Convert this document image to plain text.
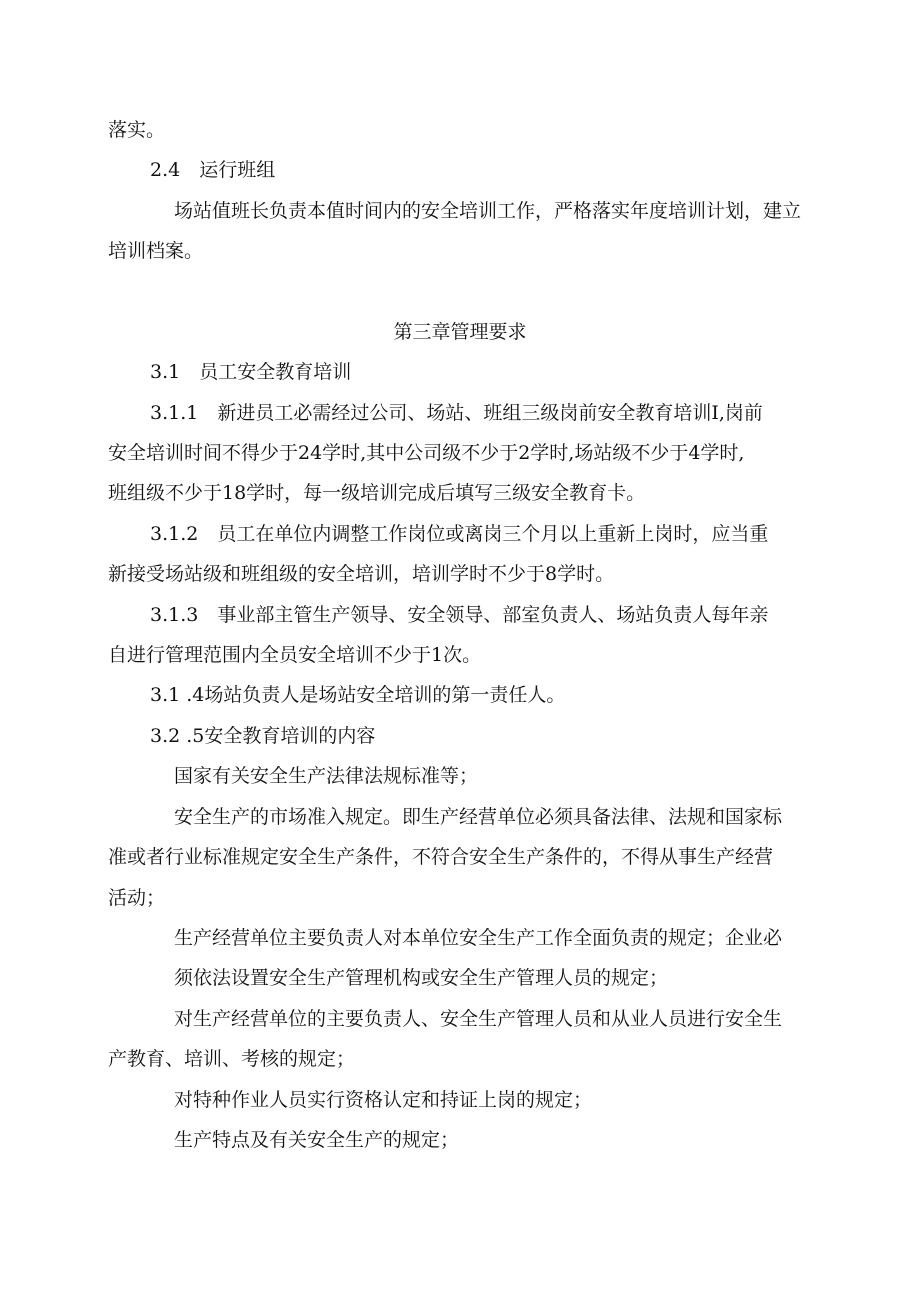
落实。
2.4　运行班组
场站值班长负责本值时间内的安全培训工作，严格落实年度培训计划，建立
培训档案。
第三章管理要求
3.1　员工安全教育培训
3.1.1　新进员工必需经过公司、场站、班组三级岗前安全教育培训I,岗前
安全培训时间不得少于24学时,其中公司级不少于2学时,场站级不少于4学时,
班组级不少于18学时，每一级培训完成后填写三级安全教育卡。
3.1.2　员工在单位内调整工作岗位或离岗三个月以上重新上岗时，应当重
新接受场站级和班组级的安全培训，培训学时不少于8学时。
3.1.3　事业部主管生产领导、安全领导、部室负责人、场站负责人每年亲
自进行管理范围内全员安全培训不少于1次。
3.1 .4场站负责人是场站安全培训的第一责任人。
3.2 .5安全教育培训的内容
国家有关安全生产法律法规标准等；
安全生产的市场准入规定。即生产经营单位必须具备法律、法规和国家标
准或者行业标准规定安全生产条件，不符合安全生产条件的，不得从事生产经营
活动；
生产经营单位主要负责人对本单位安全生产工作全面负责的规定；企业必
须依法设置安全生产管理机构或安全生产管理人员的规定；
对生产经营单位的主要负责人、安全生产管理人员和从业人员进行安全生
产教育、培训、考核的规定；
对特种作业人员实行资格认定和持证上岗的规定；
生产特点及有关安全生产的规定；
